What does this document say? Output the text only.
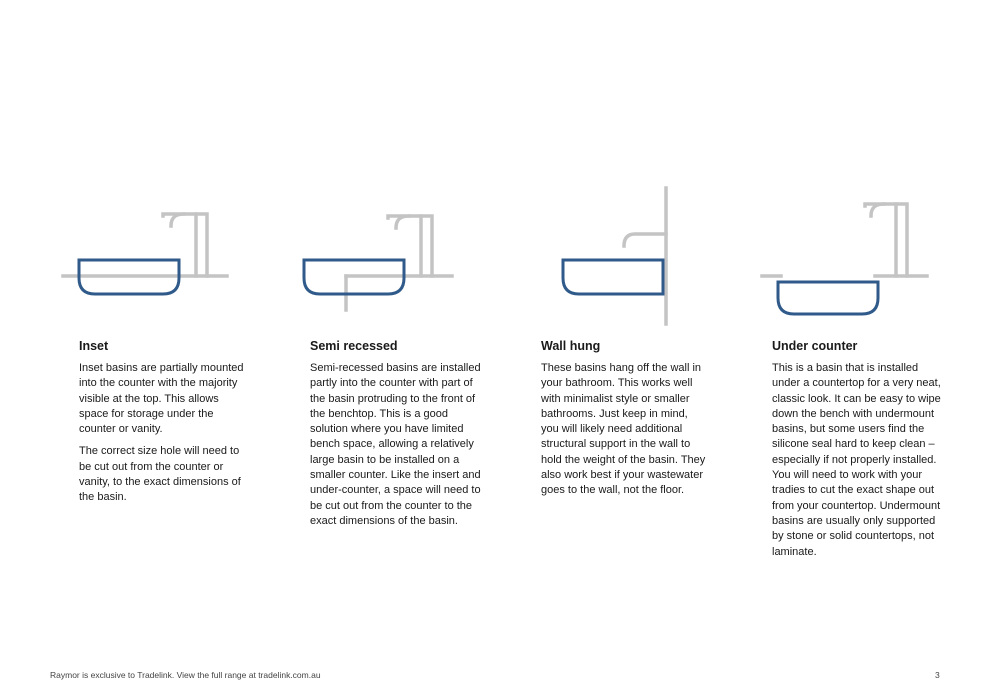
Inset

Inset basins are partially mounted into the counter with the majority visible at the top. This allows space for storage under the counter or vanity.

The correct size hole will need to be cut out from the counter or vanity, to the exact dimensions of the basin.

Semi recessed

Semi-recessed basins are installed partly into the counter with part of the basin protruding to the front of the benchtop. This is a good solution where you have limited bench space, allowing a relatively large basin to be installed on a smaller counter. Like the insert and under-counter, a space will need to be cut out from the counter to the exact dimensions of the basin.

Wall hung

These basins hang off the wall in your bathroom. This works well with minimalist style or smaller bathrooms. Just keep in mind, you will likely need additional structural support in the wall to hold the weight of the basin. They also work best if your wastewater goes to the wall, not the floor.

Under counter

This is a basin that is installed under a countertop for a very neat, classic look. It can be easy to wipe down the bench with undermount basins, but some users find the silicone seal hard to keep clean – especially if not properly installed. You will need to work with your tradies to cut the exact shape out from your countertop. Undermount basins are usually only supported by stone or solid countertops, not laminate.

Raymor is exclusive to Tradelink. View the full range at tradelink.com.au	3
